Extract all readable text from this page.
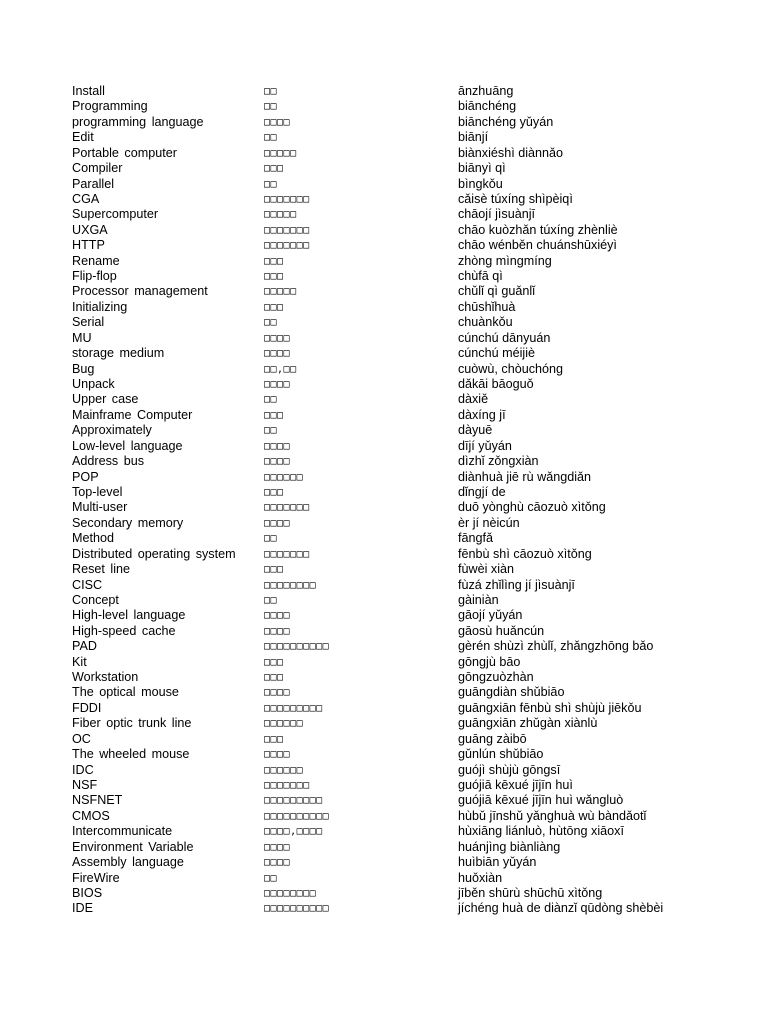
Install	□□	ānzhuāng
Programming	□□	biānchéng
programming language	□□□□	biānchéng yǔyán
Edit	□□	biānjí
Portable computer	□□□□□	biànxiéshì diànnǎo
Compiler	□□□	biānyì qì
Parallel	□□	bìngkǒu
CGA	□□□□□□□	cǎisè túxíng shìpèiqì
Supercomputer	□□□□□	chāojí jìsuànjī
UXGA	□□□□□□□	chāo kuòzhǎn túxíng zhènliè
HTTP	□□□□□□□	chāo wénběn chuánshūxiéyì
Rename	□□□	zhòng mìngmíng
Flip-flop	□□□	chùfā qì
Processor management	□□□□□	chǔlǐ qì guǎnlǐ
Initializing	□□□	chūshǐhuà
Serial	□□	chuànkǒu
MU	□□□□	cúnchú dānyuán
storage medium	□□□□	cúnchú méijiè
Bug	□□,□□	cuòwù, chòuchóng
Unpack	□□□□	dǎkāi bāoguǒ
Upper case	□□	dàxiě
Mainframe Computer	□□□	dàxíng jī
Approximately	□□	dàyuē
Low-level language	□□□□	dījí yǔyán
Address bus	□□□□	dìzhǐ zǒngxiàn
POP	□□□□□□	diànhuà jiē rù wǎngdiǎn
Top-level	□□□	dǐngjí de
Multi-user	□□□□□□□	duō yònghù cāozuò xìtǒng
Secondary memory	□□□□	èr jí nèicún
Method	□□	fāngfǎ
Distributed operating system	□□□□□□□	fēnbù shì cāozuò xìtǒng
Reset line	□□□	fùwèi xiàn
CISC	□□□□□□□□	fùzá zhǐlìng jí jìsuànjī
Concept	□□	gàiniàn
High-level language	□□□□	gāojí yǔyán
High-speed cache	□□□□	gāosù huǎncún
PAD	□□□□□□□□□□	gèrén shùzì zhùlǐ, zhǎngzhōng bǎo
Kit	□□□	gōngjù bāo
Workstation	□□□	gōngzuòzhàn
The optical mouse	□□□□	guāngdiàn shǔbiāo
FDDI	□□□□□□□□□	guāngxiān fēnbù shì shùjù jiēkǒu
Fiber optic trunk line	□□□□□□	guāngxiān zhǔgàn xiànlù
OC	□□□	guāng zàibō
The wheeled mouse	□□□□	gǔnlún shǔbiāo
IDC	□□□□□□	guójì shùjù gōngsī
NSF	□□□□□□□	guójiā kēxué jījīn huì
NSFNET	□□□□□□□□□	guójiā kēxué jījīn huì wǎngluò
CMOS	□□□□□□□□□□	hùbǔ jīnshǔ yǎnghuà wù bàndǎotǐ
Intercommunicate	□□□□,□□□□	hùxiāng liánluò, hùtōng xiāoxī
Environment Variable	□□□□	huánjìng biànliàng
Assembly language	□□□□	huìbiān yǔyán
FireWire	□□	huǒxiàn
BIOS	□□□□□□□□	jīběn shūrù shūchū xìtǒng
IDE	□□□□□□□□□□	jíchéng huà de diànzǐ qūdòng shèbèi
